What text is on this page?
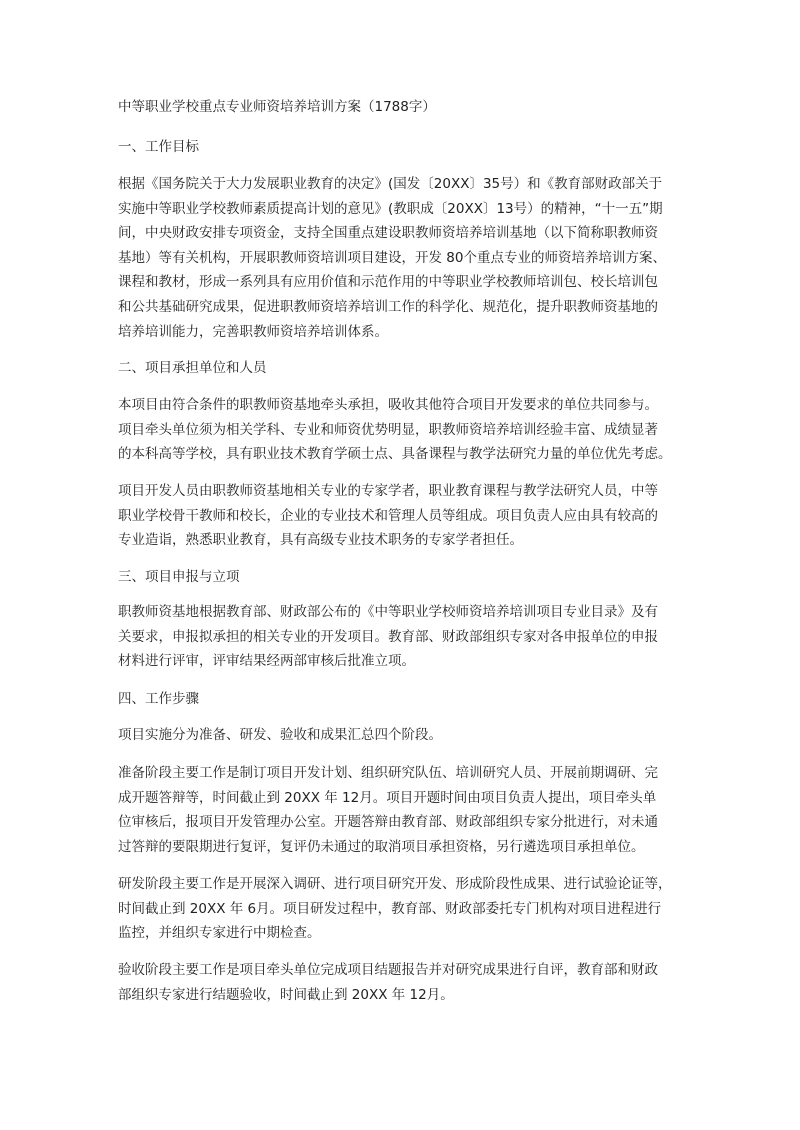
中等职业学校重点专业师资培养培训方案（1788字）
一、工作目标
根据《国务院关于大力发展职业教育的决定》(国发〔20XX〕35号）和《教育部财政部关于
实施中等职业学校教师素质提高计划的意见》(教职成〔20XX〕13号）的精神，“十一五”期
间，中央财政安排专项资金，支持全国重点建设职教师资培养培训基地（以下简称职教师资
基地）等有关机构，开展职教师资培训项目建设，开发 80个重点专业的师资培养培训方案、
课程和教材，形成一系列具有应用价值和示范作用的中等职业学校教师培训包、校长培训包
和公共基础研究成果，促进职教师资培养培训工作的科学化、规范化，提升职教师资基地的
培养培训能力，完善职教师资培养培训体系。
二、项目承担单位和人员
本项目由符合条件的职教师资基地牵头承担，吸收其他符合项目开发要求的单位共同参与。
项目牵头单位须为相关学科、专业和师资优势明显，职教师资培养培训经验丰富、成绩显著
的本科高等学校，具有职业技术教育学硕士点、具备课程与教学法研究力量的单位优先考虑。
项目开发人员由职教师资基地相关专业的专家学者，职业教育课程与教学法研究人员，中等
职业学校骨干教师和校长，企业的专业技术和管理人员等组成。项目负责人应由具有较高的
专业造诣，熟悉职业教育，具有高级专业技术职务的专家学者担任。
三、项目申报与立项
职教师资基地根据教育部、财政部公布的《中等职业学校师资培养培训项目专业目录》及有
关要求，申报拟承担的相关专业的开发项目。教育部、财政部组织专家对各申报单位的申报
材料进行评审，评审结果经两部审核后批准立项。
四、工作步骤
项目实施分为准备、研发、验收和成果汇总四个阶段。
准备阶段主要工作是制订项目开发计划、组织研究队伍、培训研究人员、开展前期调研、完
成开题答辩等，时间截止到 20XX 年 12月。项目开题时间由项目负责人提出，项目牵头单
位审核后，报项目开发管理办公室。开题答辩由教育部、财政部组织专家分批进行，对未通
过答辩的要限期进行复评，复评仍未通过的取消项目承担资格，另行遴选项目承担单位。
研发阶段主要工作是开展深入调研、进行项目研究开发、形成阶段性成果、进行试验论证等，
时间截止到 20XX 年 6月。项目研发过程中，教育部、财政部委托专门机构对项目进程进行
监控，并组织专家进行中期检查。
验收阶段主要工作是项目牵头单位完成项目结题报告并对研究成果进行自评，教育部和财政
部组织专家进行结题验收，时间截止到 20XX 年 12月。
